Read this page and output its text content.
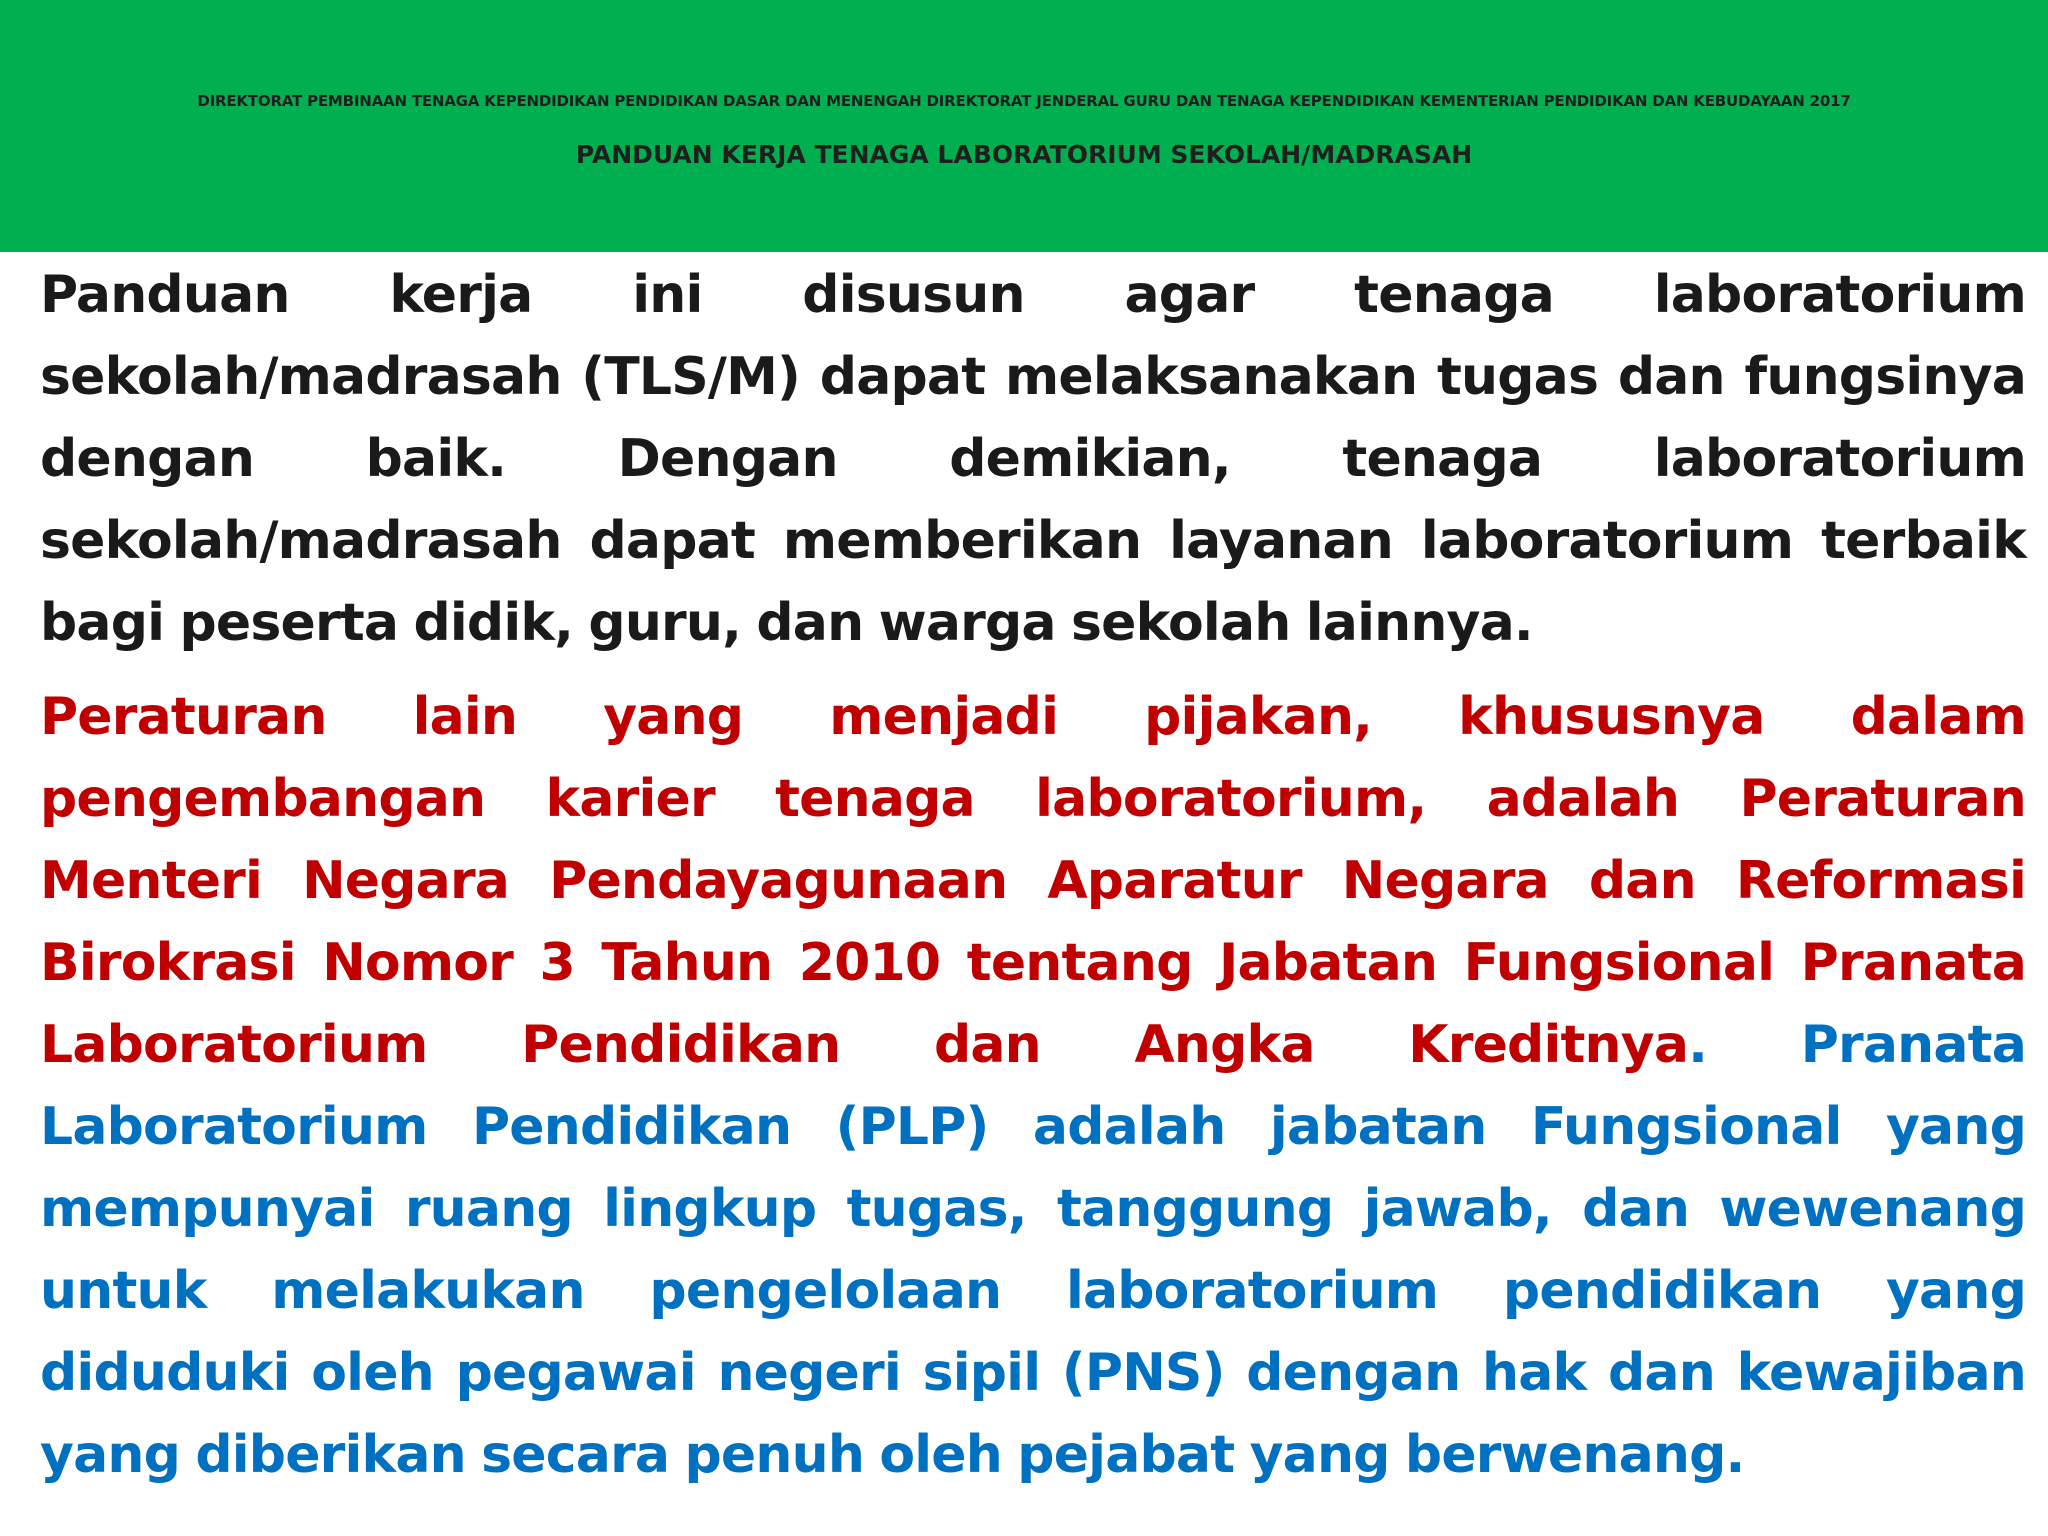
DIREKTORAT PEMBINAAN TENAGA KEPENDIDIKAN PENDIDIKAN DASAR DAN MENENGAH DIREKTORAT JENDERAL GURU DAN TENAGA KEPENDIDIKAN KEMENTERIAN PENDIDIKAN DAN KEBUDAYAAN 2017
PANDUAN KERJA TENAGA LABORATORIUM SEKOLAH/MADRASAH

Panduan kerja ini disusun agar tenaga laboratorium sekolah/madrasah (TLS/M) dapat melaksanakan tugas dan fungsinya dengan baik. Dengan demikian, tenaga laboratorium sekolah/madrasah dapat memberikan layanan laboratorium terbaik bagi peserta didik, guru, dan warga sekolah lainnya.

Peraturan lain yang menjadi pijakan, khususnya dalam pengembangan karier tenaga laboratorium, adalah Peraturan Menteri Negara Pendayagunaan Aparatur Negara dan Reformasi Birokrasi Nomor 3 Tahun 2010 tentang Jabatan Fungsional Pranata Laboratorium Pendidikan dan Angka Kreditnya. Pranata Laboratorium Pendidikan (PLP) adalah jabatan Fungsional yang mempunyai ruang lingkup tugas, tanggung jawab, dan wewenang untuk melakukan pengelolaan laboratorium pendidikan yang diduduki oleh pegawai negeri sipil (PNS) dengan hak dan kewajiban yang diberikan secara penuh oleh pejabat yang berwenang.
